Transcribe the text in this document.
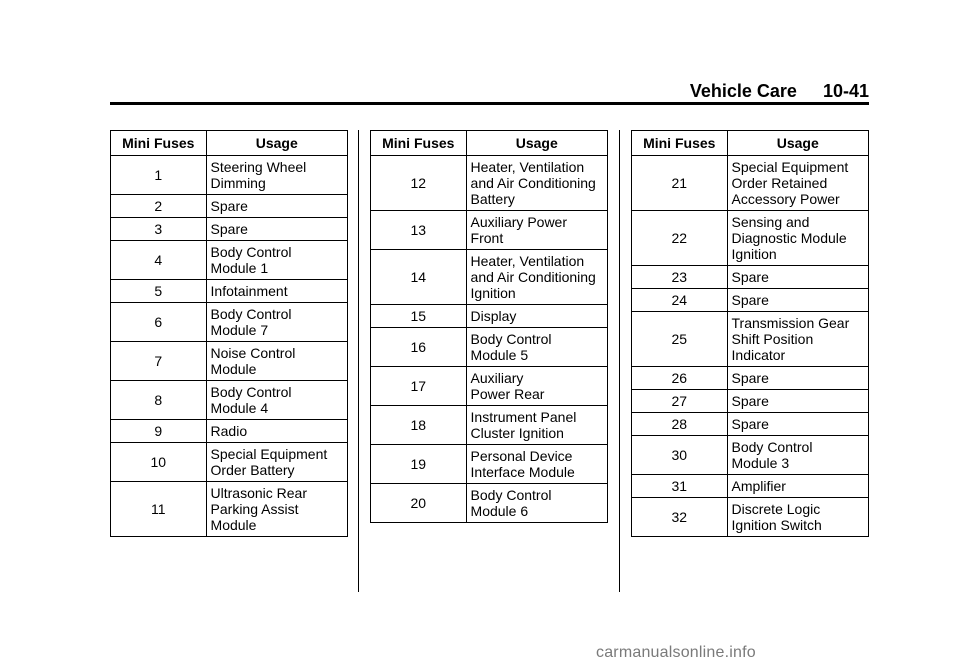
Vehicle Care 10-41
Mini Fuses	Usage
1	Steering Wheel
Dimming

2	Spare

3	Spare

4	Body Control
Module 1

5	Infotainment

6	Body Control
Module 7

7	Noise Control
Module

8	Body Control
Module 4

9	Radio

10	Special Equipment
Order Battery

11	Ultrasonic Rear
Parking Assist
Module
Mini Fuses	Usage
12	Heater, Ventilation
and Air Conditioning
Battery

13	Auxiliary Power
Front

14	Heater, Ventilation
and Air Conditioning
Ignition

15	Display

16	Body Control
Module 5

17	Auxiliary
Power Rear

18	Instrument Panel
Cluster Ignition

19	Personal Device
Interface Module

20	Body Control
Module 6
Mini Fuses	Usage
21	Special Equipment
Order Retained
Accessory Power

22	Sensing and
Diagnostic Module
Ignition

23	Spare

24	Spare

25	Transmission Gear
Shift Position
Indicator

26	Spare

27	Spare

28	Spare

30	Body Control
Module 3

31	Amplifier

32	Discrete Logic
Ignition Switch
carmanualsonline.info
